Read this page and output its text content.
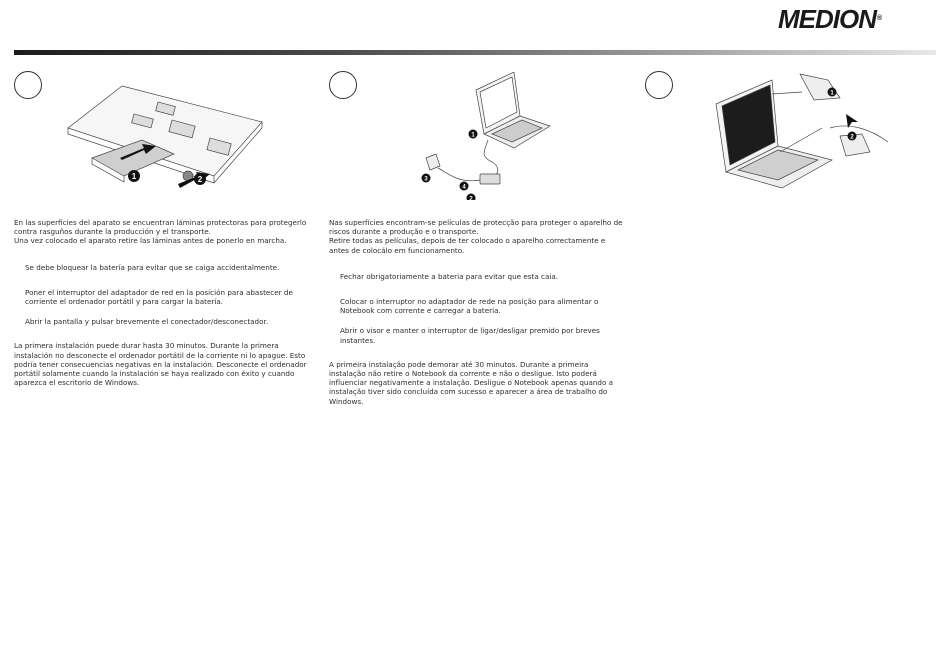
MEDION®
1	2
1
4
3
2
1
2

En las superficies del aparato se encuentran láminas protectoras para protegerlo contra rasguños durante la producción y el transporte.

Una vez colocado el aparato retire las láminas antes de ponerlo en marcha.

Se debe bloquear la batería para evitar que se caiga accidentalmente.

Poner el interruptor del adaptador de red en la posición para abastecer de corriente el ordenador portátil y para cargar la batería.

Abrir la pantalla y pulsar brevemente el conectador/desconectador.

La primera instalación puede durar hasta 30 minutos. Durante la primera instalación no desconecte el ordenador portátil de la corriente ni lo apague. Esto podría tener consecuencias negativas en la instalación. Desconecte el ordenador portátil solamente cuando la instalación se haya realizado con éxito y cuando aparezca el escritorio de Windows.

Nas superfícies encontram-se películas de protecção para proteger o aparelho de riscos durante a produção e o transporte.

Retire todas as películas, depois de ter colocado o aparelho correctamente e antes de colocálo em funcionamento.

Fechar obrigatoriamente a bateria para evitar que esta caia.

Colocar o interruptor no adaptador de rede na posição para alimentar o Notebook com corrente e carregar a bateria.

Abrir o visor e manter o interruptor de ligar/desligar premido por breves instantes.

A primeira instalação pode demorar até 30 minutos. Durante a primeira instalação não retire o Notebook da corrente e não o desligue. Isto poderá influenciar negativamente a instalação. Desligue o Notebook apenas quando a instalação tiver sido concluída com sucesso e aparecer a área de trabalho do Windows.
